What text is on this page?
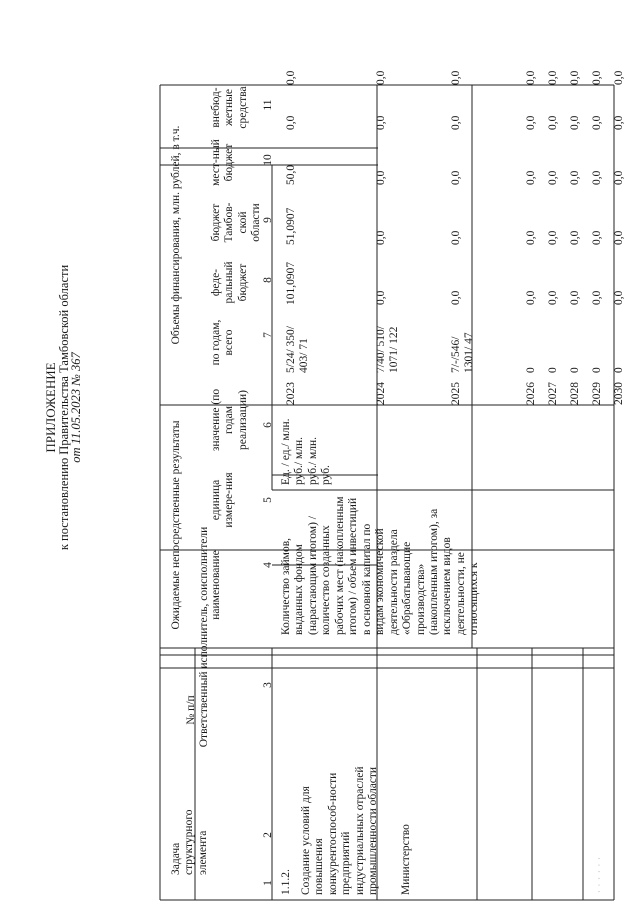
· · · · · ·
ПРИЛОЖЕНИЕ к постановлению Правительства Тамбовской области
от 11.05.2023 № 367
№ п/п Ответственный исполнитель, соисполнители
Задача структурного элемента
Ожидаемые непосредственные результаты
Объемы финансирования, млн. рублей, в т.ч.
наименование
единица измере-ния
значение (по годам реализации)
по годам, всего
феде-ральный бюджет
бюджет Тамбов-ской области
мест-ный бюджет
внебюд-жетные средства
1.1.2. Создание условий для повышения конкурентоспособ-ности предприятий индустриальных отраслей промышленности области Министерство
Количество займов, выданных фондом (нарастающим итогом) / количество созданных рабочих мест (накопленным итогом) / объем инвестиций в основной капитал по видам экономической деятельности раздела «Обрабатывающие производства» (накопленным итогом), за исключением видов деятельности, не относящихся к
Ед. / ед./ млн. руб./ млн. руб./ млн. руб.
2023
5/24/ 350/ 403/ 71
101,0907
51,0907
50,0
0,0
0,0
2024
7/40/ 510/ 1071/ 122
0,0
0,0
0,0
0,0
0,0
2025
7/-/546/ 1301/ 47
0,0
0,0
0,0
0,0
0,0
2026
0
0,0
0,0
0,0
0,0
0,0
2027
0
0,0
0,0
0,0
0,0
0,0
2028
0
0,0
0,0
0,0
0,0
0,0
2029
0
0,0
0,0
0,0
0,0
0,0
2030
0
0,0
0,0
0,0
0,0
0,0
1
2
3
4
5
6
7
8
9
10
11
